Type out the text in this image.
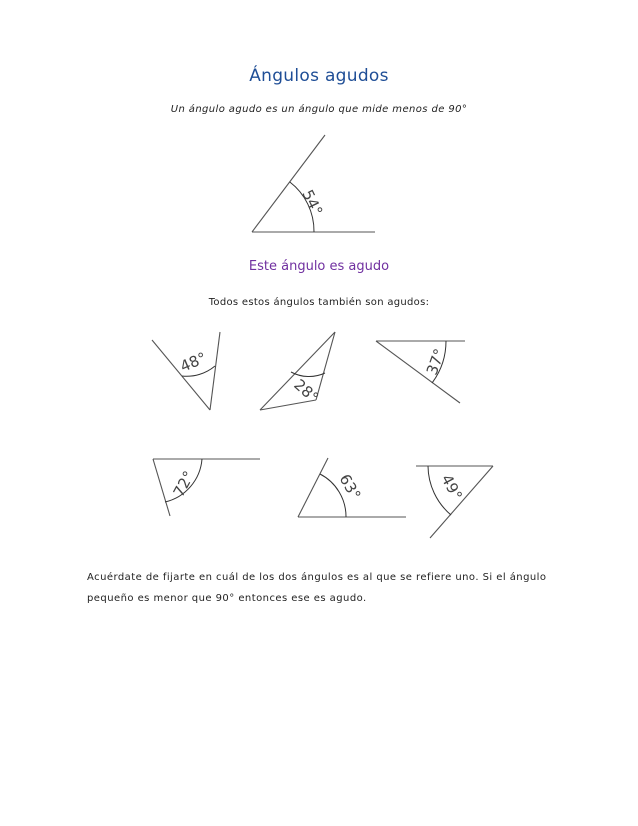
Ángulos agudos
Un ángulo agudo es un ángulo que mide menos de 90°
54°
48°
28°
37°
72°	63°	49°
Este ángulo es agudo
Todos estos ángulos también son agudos:
Acuérdate de fijarte en cuál de los dos ángulos es al que se refiere uno. Si el ángulo pequeño es menor que 90° entonces ese es agudo.
